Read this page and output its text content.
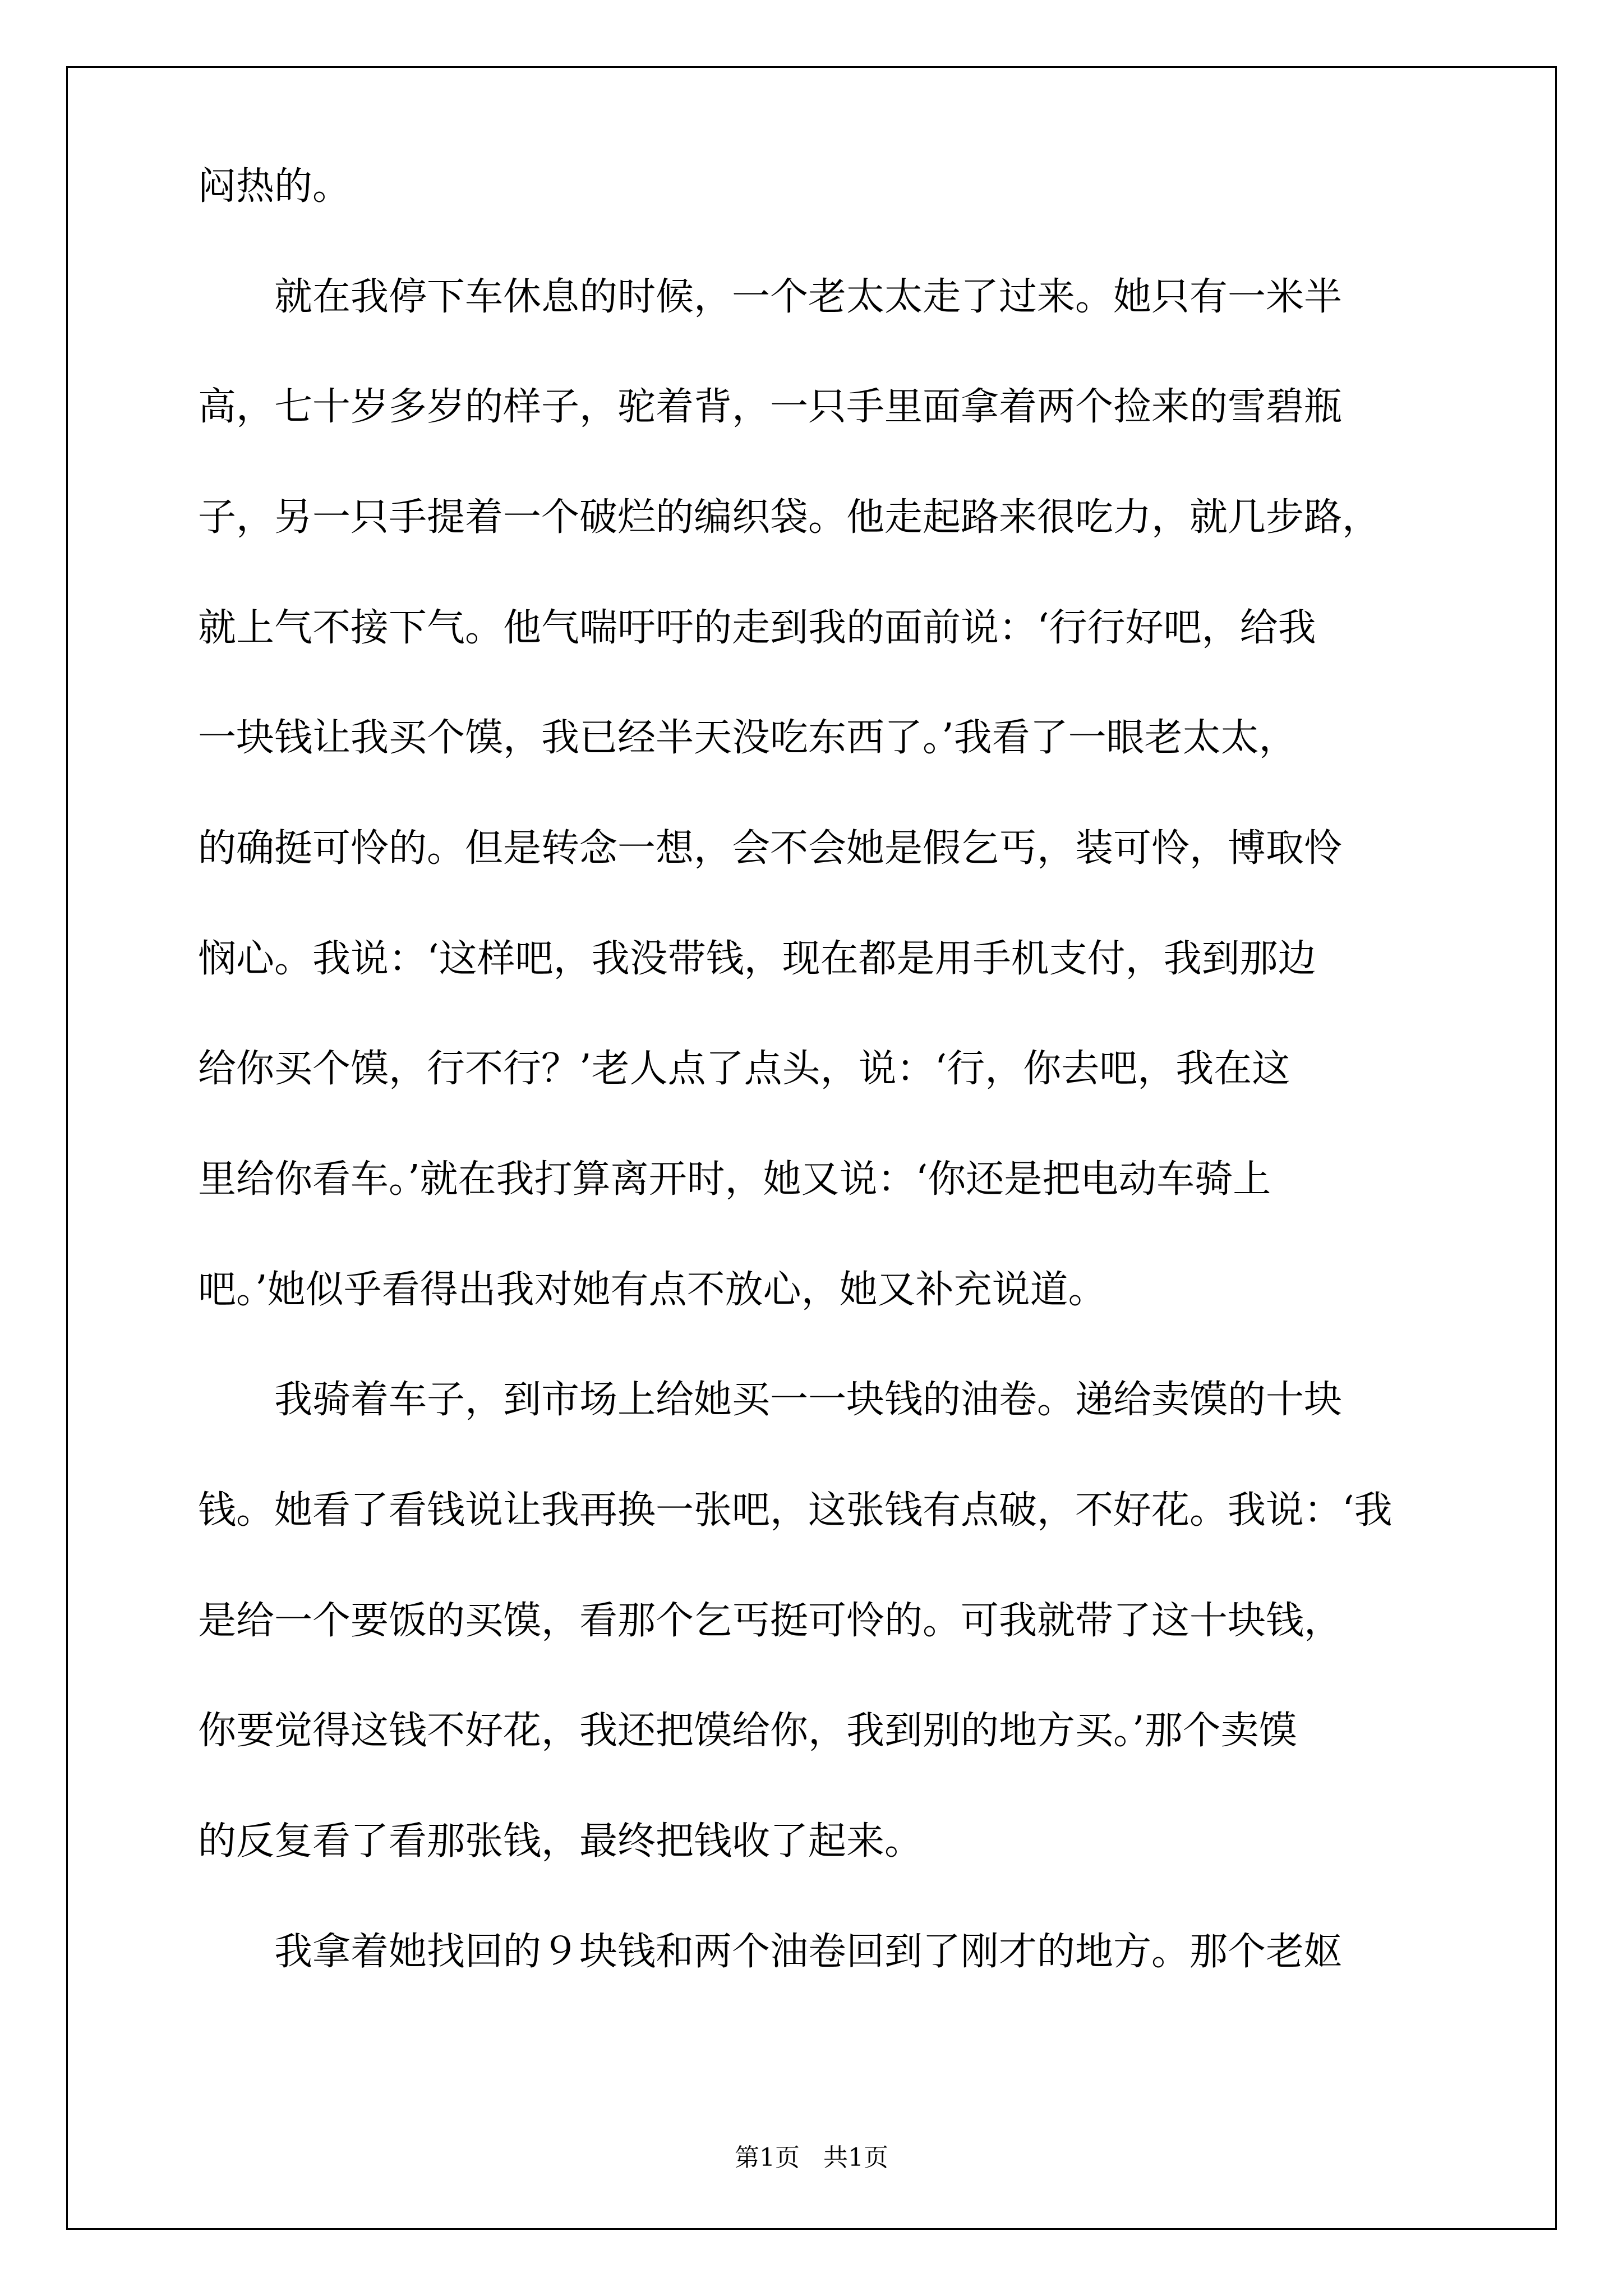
闷热的。
　　就在我停下车休息的时候，一个老太太走了过来。她只有一米半
高，七十岁多岁的样子，驼着背，一只手里面拿着两个捡来的雪碧瓶
子，另一只手提着一个破烂的编织袋。他走起路来很吃力，就几步路，
就上气不接下气。他气喘吁吁的走到我的面前说：‘行行好吧，给我
一块钱让我买个馍，我已经半天没吃东西了。’我看了一眼老太太，
的确挺可怜的。但是转念一想，会不会她是假乞丐，装可怜，博取怜
悯心。我说：‘这样吧，我没带钱，现在都是用手机支付，我到那边
给你买个馍，行不行？’老人点了点头，说：‘行，你去吧，我在这
里给你看车。’就在我打算离开时，她又说：‘你还是把电动车骑上
吧。’她似乎看得出我对她有点不放心，她又补充说道。
　　我骑着车子，到市场上给她买一一块钱的油卷。递给卖馍的十块
钱。她看了看钱说让我再换一张吧，这张钱有点破，不好花。我说：‘我
是给一个要饭的买馍，看那个乞丐挺可怜的。可我就带了这十块钱，
你要觉得这钱不好花，我还把馍给你，我到别的地方买。’那个卖馍
的反复看了看那张钱，最终把钱收了起来。
　　我拿着她找回的９块钱和两个油卷回到了刚才的地方。那个老妪
第1页   共1页
